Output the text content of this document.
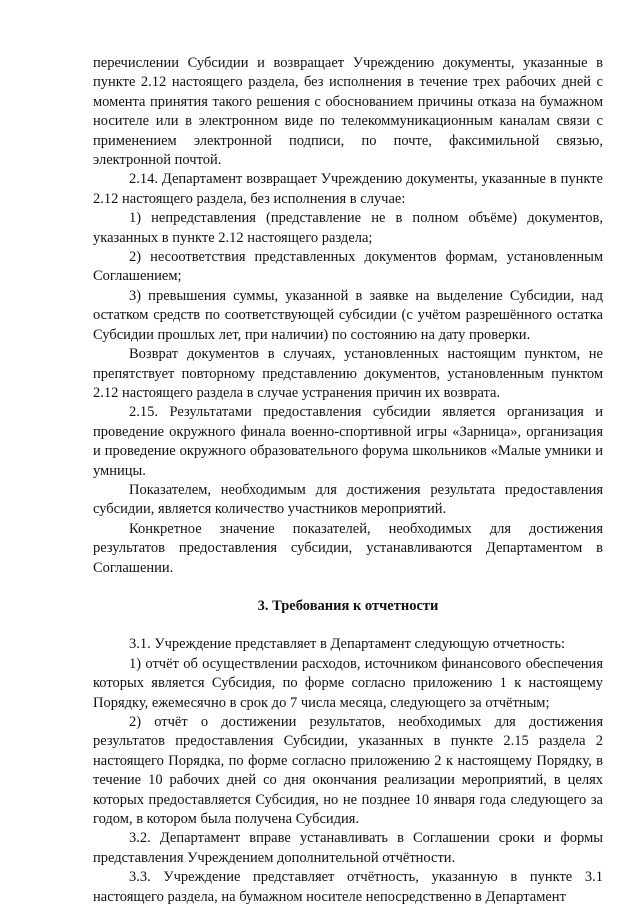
перечислении Субсидии и возвращает Учреждению документы, указанные в пункте 2.12 настоящего раздела, без исполнения в течение трех рабочих дней с момента принятия такого решения с обоснованием причины отказа на бумажном носителе или в электронном виде по телекоммуникационным каналам связи с применением электронной подписи, по почте, факсимильной связью, электронной почтой.

2.14. Департамент возвращает Учреждению документы, указанные в пункте 2.12 настоящего раздела, без исполнения в случае:

1) непредставления (представление не в полном объёме) документов, указанных в пункте 2.12 настоящего раздела;

2) несоответствия представленных документов формам, установленным Соглашением;

3) превышения суммы, указанной в заявке на выделение Субсидии, над остатком средств по соответствующей субсидии (с учётом разрешённого остатка Субсидии прошлых лет, при наличии) по состоянию на дату проверки.

Возврат документов в случаях, установленных настоящим пунктом, не препятствует повторному представлению документов, установленным пунктом 2.12 настоящего раздела в случае устранения причин их возврата.

2.15. Результатами предоставления субсидии является организация и проведение окружного финала военно-спортивной игры «Зарница», организация и проведение окружного образовательного форума школьников «Малые умники и умницы.

Показателем, необходимым для достижения результата предоставления субсидии, является количество участников мероприятий.

Конкретное значение показателей, необходимых для достижения результатов предоставления субсидии, устанавливаются Департаментом в Соглашении.

3. Требования к отчетности

3.1. Учреждение представляет в Департамент следующую отчетность:

1) отчёт об осуществлении расходов, источником финансового обеспечения которых является Субсидия, по форме согласно приложению 1 к настоящему Порядку, ежемесячно в срок до 7 числа месяца, следующего за отчётным;

2) отчёт о достижении результатов, необходимых для достижения результатов предоставления Субсидии, указанных в пункте 2.15 раздела 2 настоящего Порядка, по форме согласно приложению 2 к настоящему Порядку, в течение 10 рабочих дней со дня окончания реализации мероприятий, в целях которых предоставляется Субсидия, но не позднее 10 января года следующего за годом, в котором была получена Субсидия.

3.2. Департамент вправе устанавливать в Соглашении сроки и формы представления Учреждением дополнительной отчётности.

3.3. Учреждение представляет отчётность, указанную в пункте 3.1 настоящего раздела, на бумажном носителе непосредственно в Департамент
